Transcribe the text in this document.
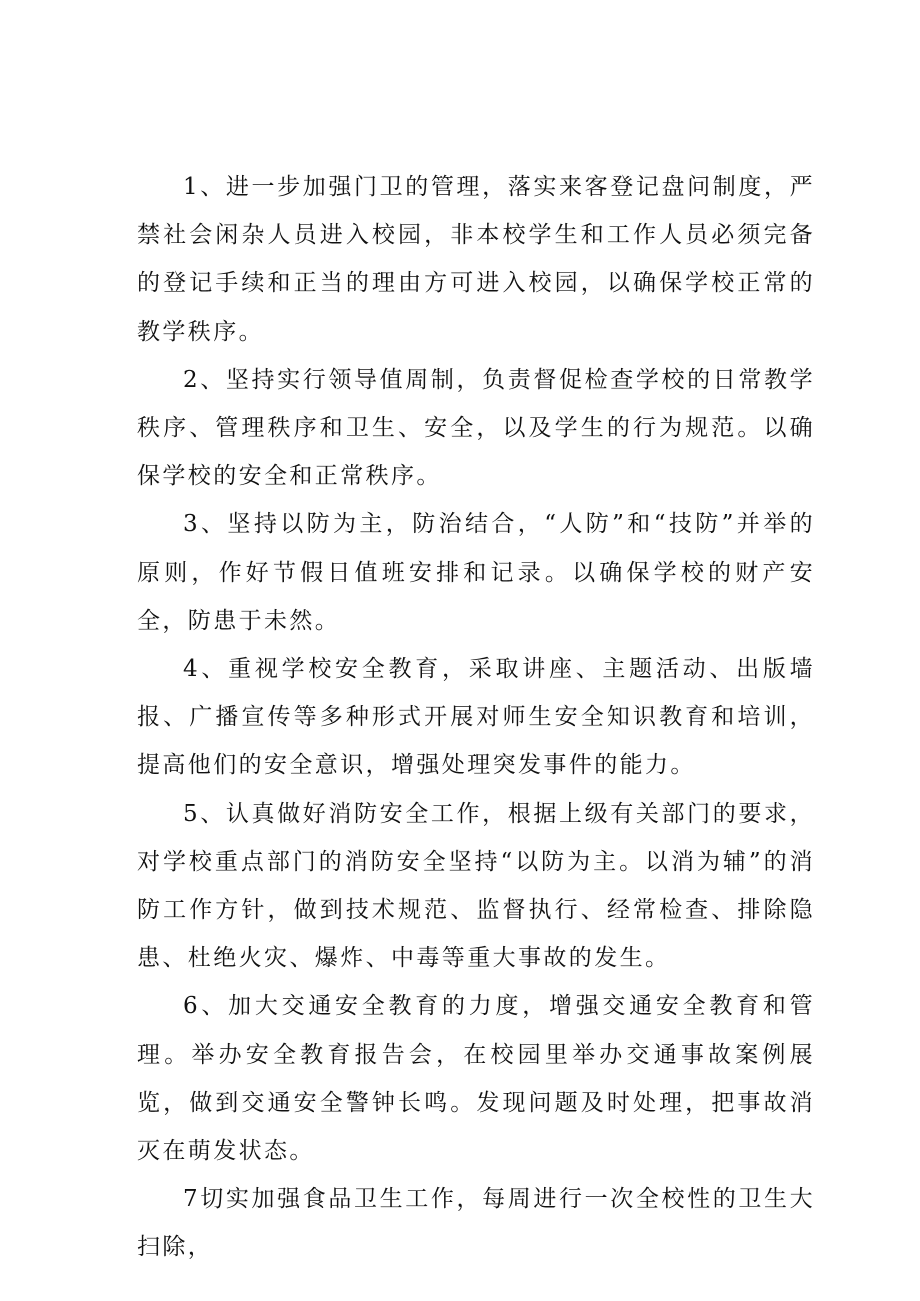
1、进一步加强门卫的管理，落实来客登记盘问制度，严禁社会闲杂人员进入校园，非本校学生和工作人员必须完备的登记手续和正当的理由方可进入校园，以确保学校正常的教学秩序。

2、坚持实行领导值周制，负责督促检查学校的日常教学秩序、管理秩序和卫生、安全，以及学生的行为规范。以确保学校的安全和正常秩序。

3、坚持以防为主，防治结合，“人防”和“技防”并举的原则，作好节假日值班安排和记录。以确保学校的财产安全，防患于未然。

4、重视学校安全教育，采取讲座、主题活动、出版墙报、广播宣传等多种形式开展对师生安全知识教育和培训，提高他们的安全意识，增强处理突发事件的能力。

5、认真做好消防安全工作，根据上级有关部门的要求，对学校重点部门的消防安全坚持“以防为主。以消为辅”的消防工作方针，做到技术规范、监督执行、经常检查、排除隐患、杜绝火灾、爆炸、中毒等重大事故的发生。

6、加大交通安全教育的力度，增强交通安全教育和管理。举办安全教育报告会，在校园里举办交通事故案例展览，做到交通安全警钟长鸣。发现问题及时处理，把事故消灭在萌发状态。

7切实加强食品卫生工作，每周进行一次全校性的卫生大扫除，
